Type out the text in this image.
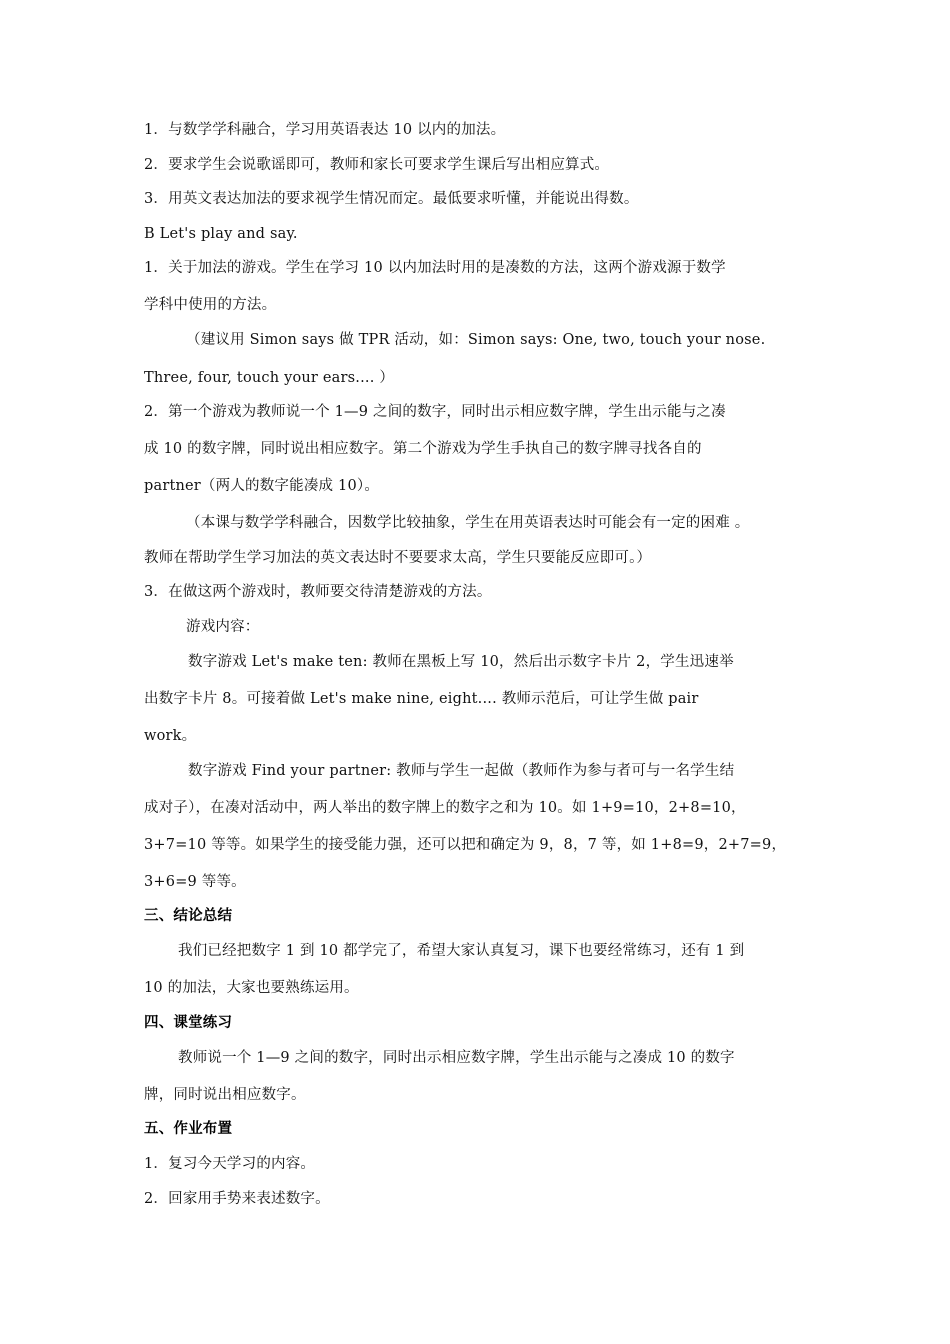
1．与数学学科融合，学习用英语表达 10 以内的加法。
2．要求学生会说歌谣即可，教师和家长可要求学生课后写出相应算式。
3．用英文表达加法的要求视学生情况而定。最低要求听懂，并能说出得数。
B Let's play and say.
1．关于加法的游戏。学生在学习 10 以内加法时用的是凑数的方法，这两个游戏源于数学
学科中使用的方法。
（建议用 Simon says 做 TPR 活动，如：Simon says: One, two, touch your nose.
Three, four, touch your ears.... ）
2．第一个游戏为教师说一个 1—9 之间的数字，同时出示相应数字牌，学生出示能与之凑
成 10 的数字牌，同时说出相应数字。第二个游戏为学生手执自己的数字牌寻找各自的
partner（两人的数字能凑成 10）。
（本课与数学学科融合，因数学比较抽象，学生在用英语表达时可能会有一定的困难 。
教师在帮助学生学习加法的英文表达时不要要求太高，学生只要能反应即可。）
3．在做这两个游戏时，教师要交待清楚游戏的方法。
游戏内容：
数字游戏 Let's make ten: 教师在黑板上写 10，然后出示数字卡片 2，学生迅速举
出数字卡片 8。可接着做 Let's make nine, eight.... 教师示范后，可让学生做 pair
work。
数字游戏 Find your partner: 教师与学生一起做（教师作为参与者可与一名学生结
成对子），在凑对活动中，两人举出的数字牌上的数字之和为 10。如 1+9=10，2+8=10，
3+7=10 等等。如果学生的接受能力强，还可以把和确定为 9，8，7 等，如 1+8=9，2+7=9，
3+6=9 等等。
三、结论总结
我们已经把数字 1 到 10 都学完了，希望大家认真复习，课下也要经常练习，还有 1 到
10 的加法，大家也要熟练运用。
四、课堂练习
教师说一个 1—9 之间的数字，同时出示相应数字牌，学生出示能与之凑成 10 的数字
牌，同时说出相应数字。
五、作业布置
1．复习今天学习的内容。
2．回家用手势来表述数字。
